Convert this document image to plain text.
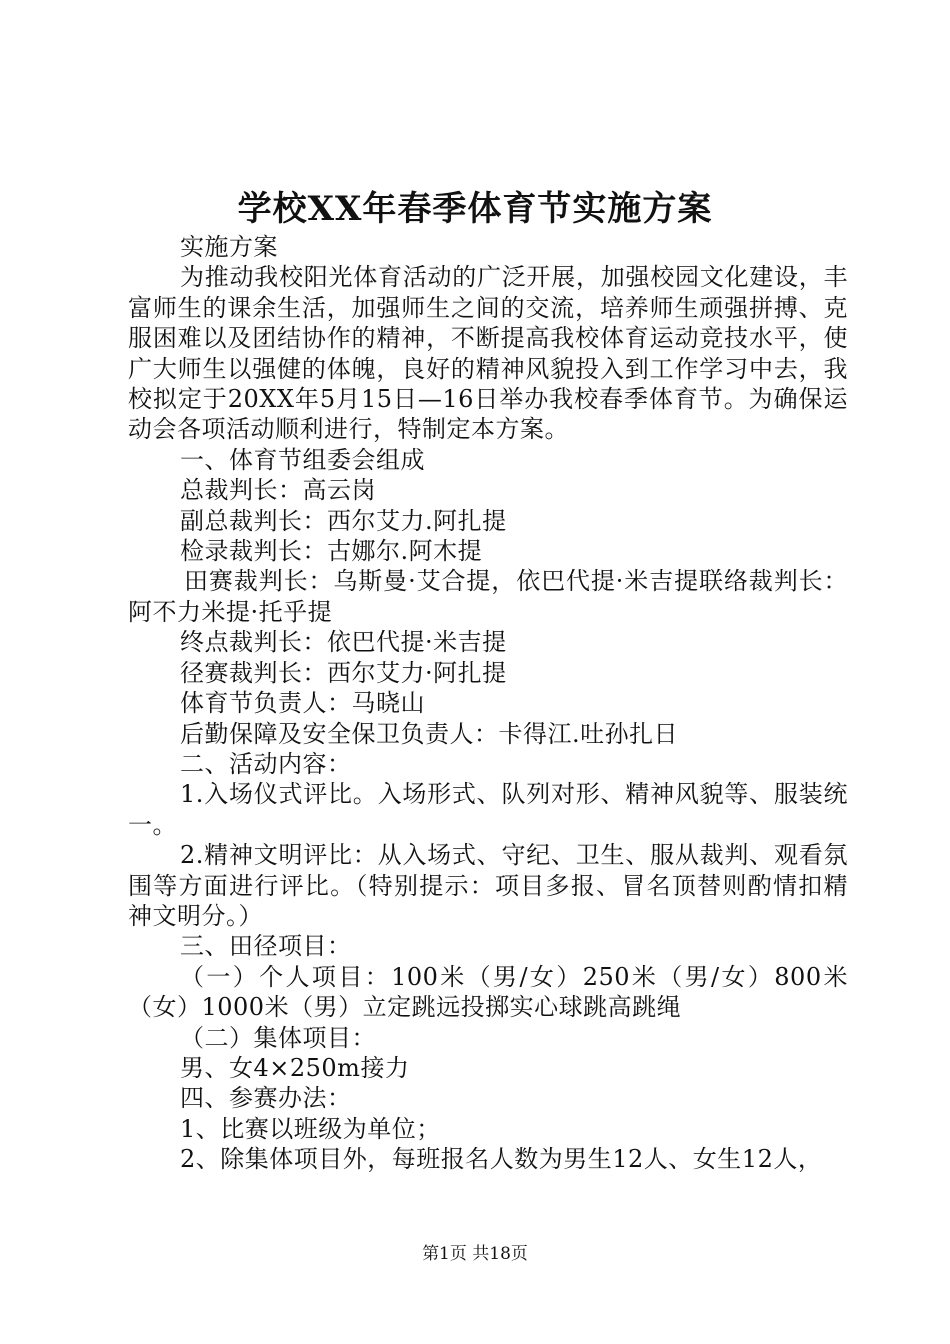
学校XX年春季体育节实施方案

实施方案

为推动我校阳光体育活动的广泛开展，加强校园文化建设，丰富师生的课余生活，加强师生之间的交流，培养师生顽强拼搏、克服困难以及团结协作的精神，不断提高我校体育运动竞技水平，使广大师生以强健的体魄，良好的精神风貌投入到工作学习中去，我校拟定于20XX年5月15日—16日举办我校春季体育节。为确保运动会各项活动顺利进行，特制定本方案。

一、体育节组委会组成

总裁判长：高云岗

副总裁判长：西尔艾力.阿扎提

检录裁判长：古娜尔.阿木提

田赛裁判长：乌斯曼·艾合提，依巴代提·米吉提联络裁判长：阿不力米提·托乎提

终点裁判长：依巴代提·米吉提

径赛裁判长：西尔艾力·阿扎提

体育节负责人：马晓山

后勤保障及安全保卫负责人：卡得江.吐孙扎日

二、活动内容：

1.入场仪式评比。入场形式、队列对形、精神风貌等、服装统一。

2.精神文明评比：从入场式、守纪、卫生、服从裁判、观看氛围等方面进行评比。（特别提示：项目多报、冒名顶替则酌情扣精神文明分。）

三、田径项目：

（一）个人项目：100米（男/女）250米（男/女）800米（女）1000米（男）立定跳远投掷实心球跳高跳绳

（二）集体项目：

男、女4×250m接力

四、参赛办法：

1、比赛以班级为单位；

2、除集体项目外，每班报名人数为男生12人、女生12人，

第1页 共18页
